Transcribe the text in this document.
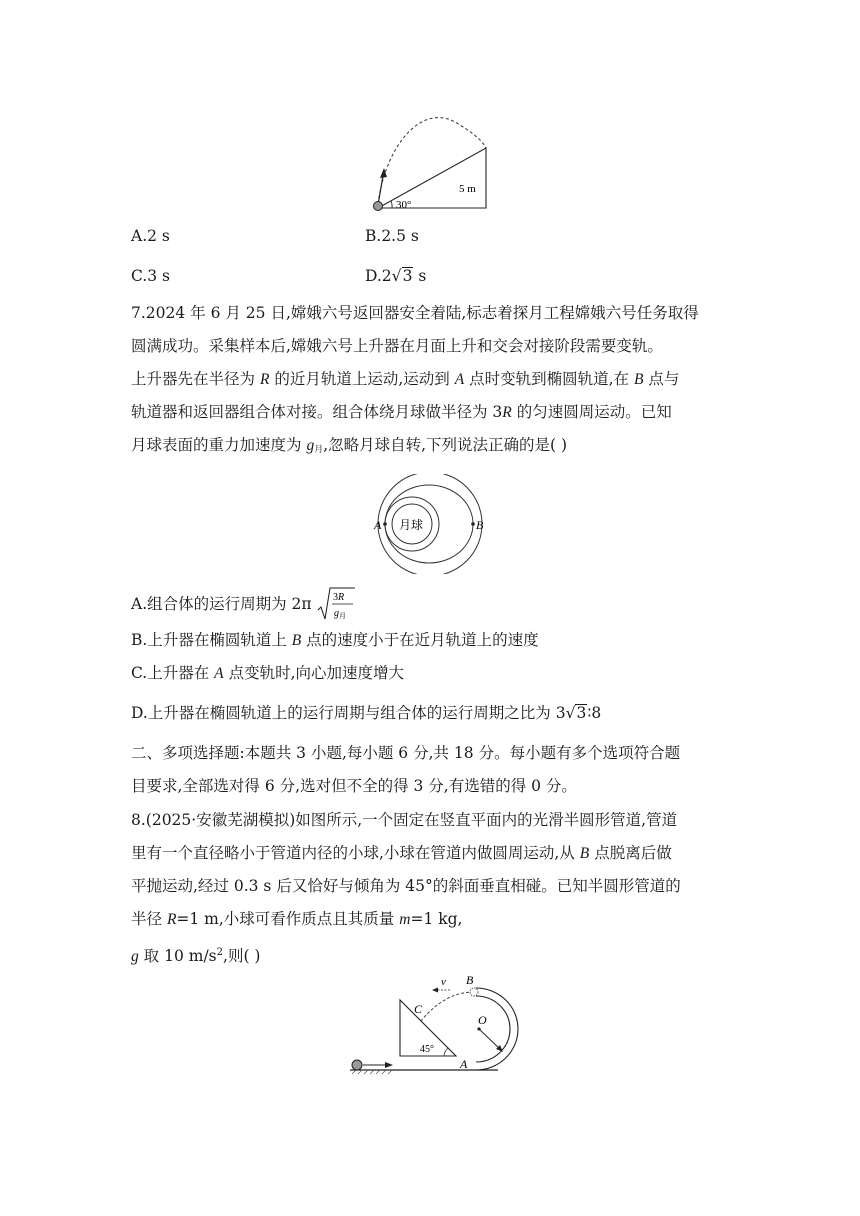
30°
5 m
A.2 s	B.2.5 s
C.3 s	D.2√3 s
7.2024 年 6 月 25 日,嫦娥六号返回器安全着陆,标志着探月工程嫦娥六号任务取得
圆满成功。采集样本后,嫦娥六号上升器在月面上升和交会对接阶段需要变轨。
上升器先在半径为 R 的近月轨道上运动,运动到 A 点时变轨到椭圆轨道,在 B 点与
轨道器和返回器组合体对接。组合体绕月球做半径为 3R 的匀速圆周运动。已知
月球表面的重力加速度为 $g_月$,忽略月球自转,下列说法正确的是( )
月球
A	B
A.组合体的运行周期为 2π 3R
$g_月$
B.上升器在椭圆轨道上 B 点的速度小于在近月轨道上的速度
C.上升器在 A 点变轨时,向心加速度增大
D.上升器在椭圆轨道上的运行周期与组合体的运行周期之比为 3√3∶8
二、多项选择题:本题共 3 小题,每小题 6 分,共 18 分。每小题有多个选项符合题
目要求,全部选对得 6 分,选对但不全的得 3 分,有选错的得 0 分。
8.(2025·安徽芜湖模拟)如图所示,一个固定在竖直平面内的光滑半圆形管道,管道
里有一个直径略小于管道内径的小球,小球在管道内做圆周运动,从 B 点脱离后做
平抛运动,经过 0.3 s 后又恰好与倾角为 45°的斜面垂直相碰。已知半圆形管道的
半径 R=1 m,小球可看作质点且其质量 m=1 kg,
g 取 10 $m/s^2$,则( )
45°
v B
C
O
A
